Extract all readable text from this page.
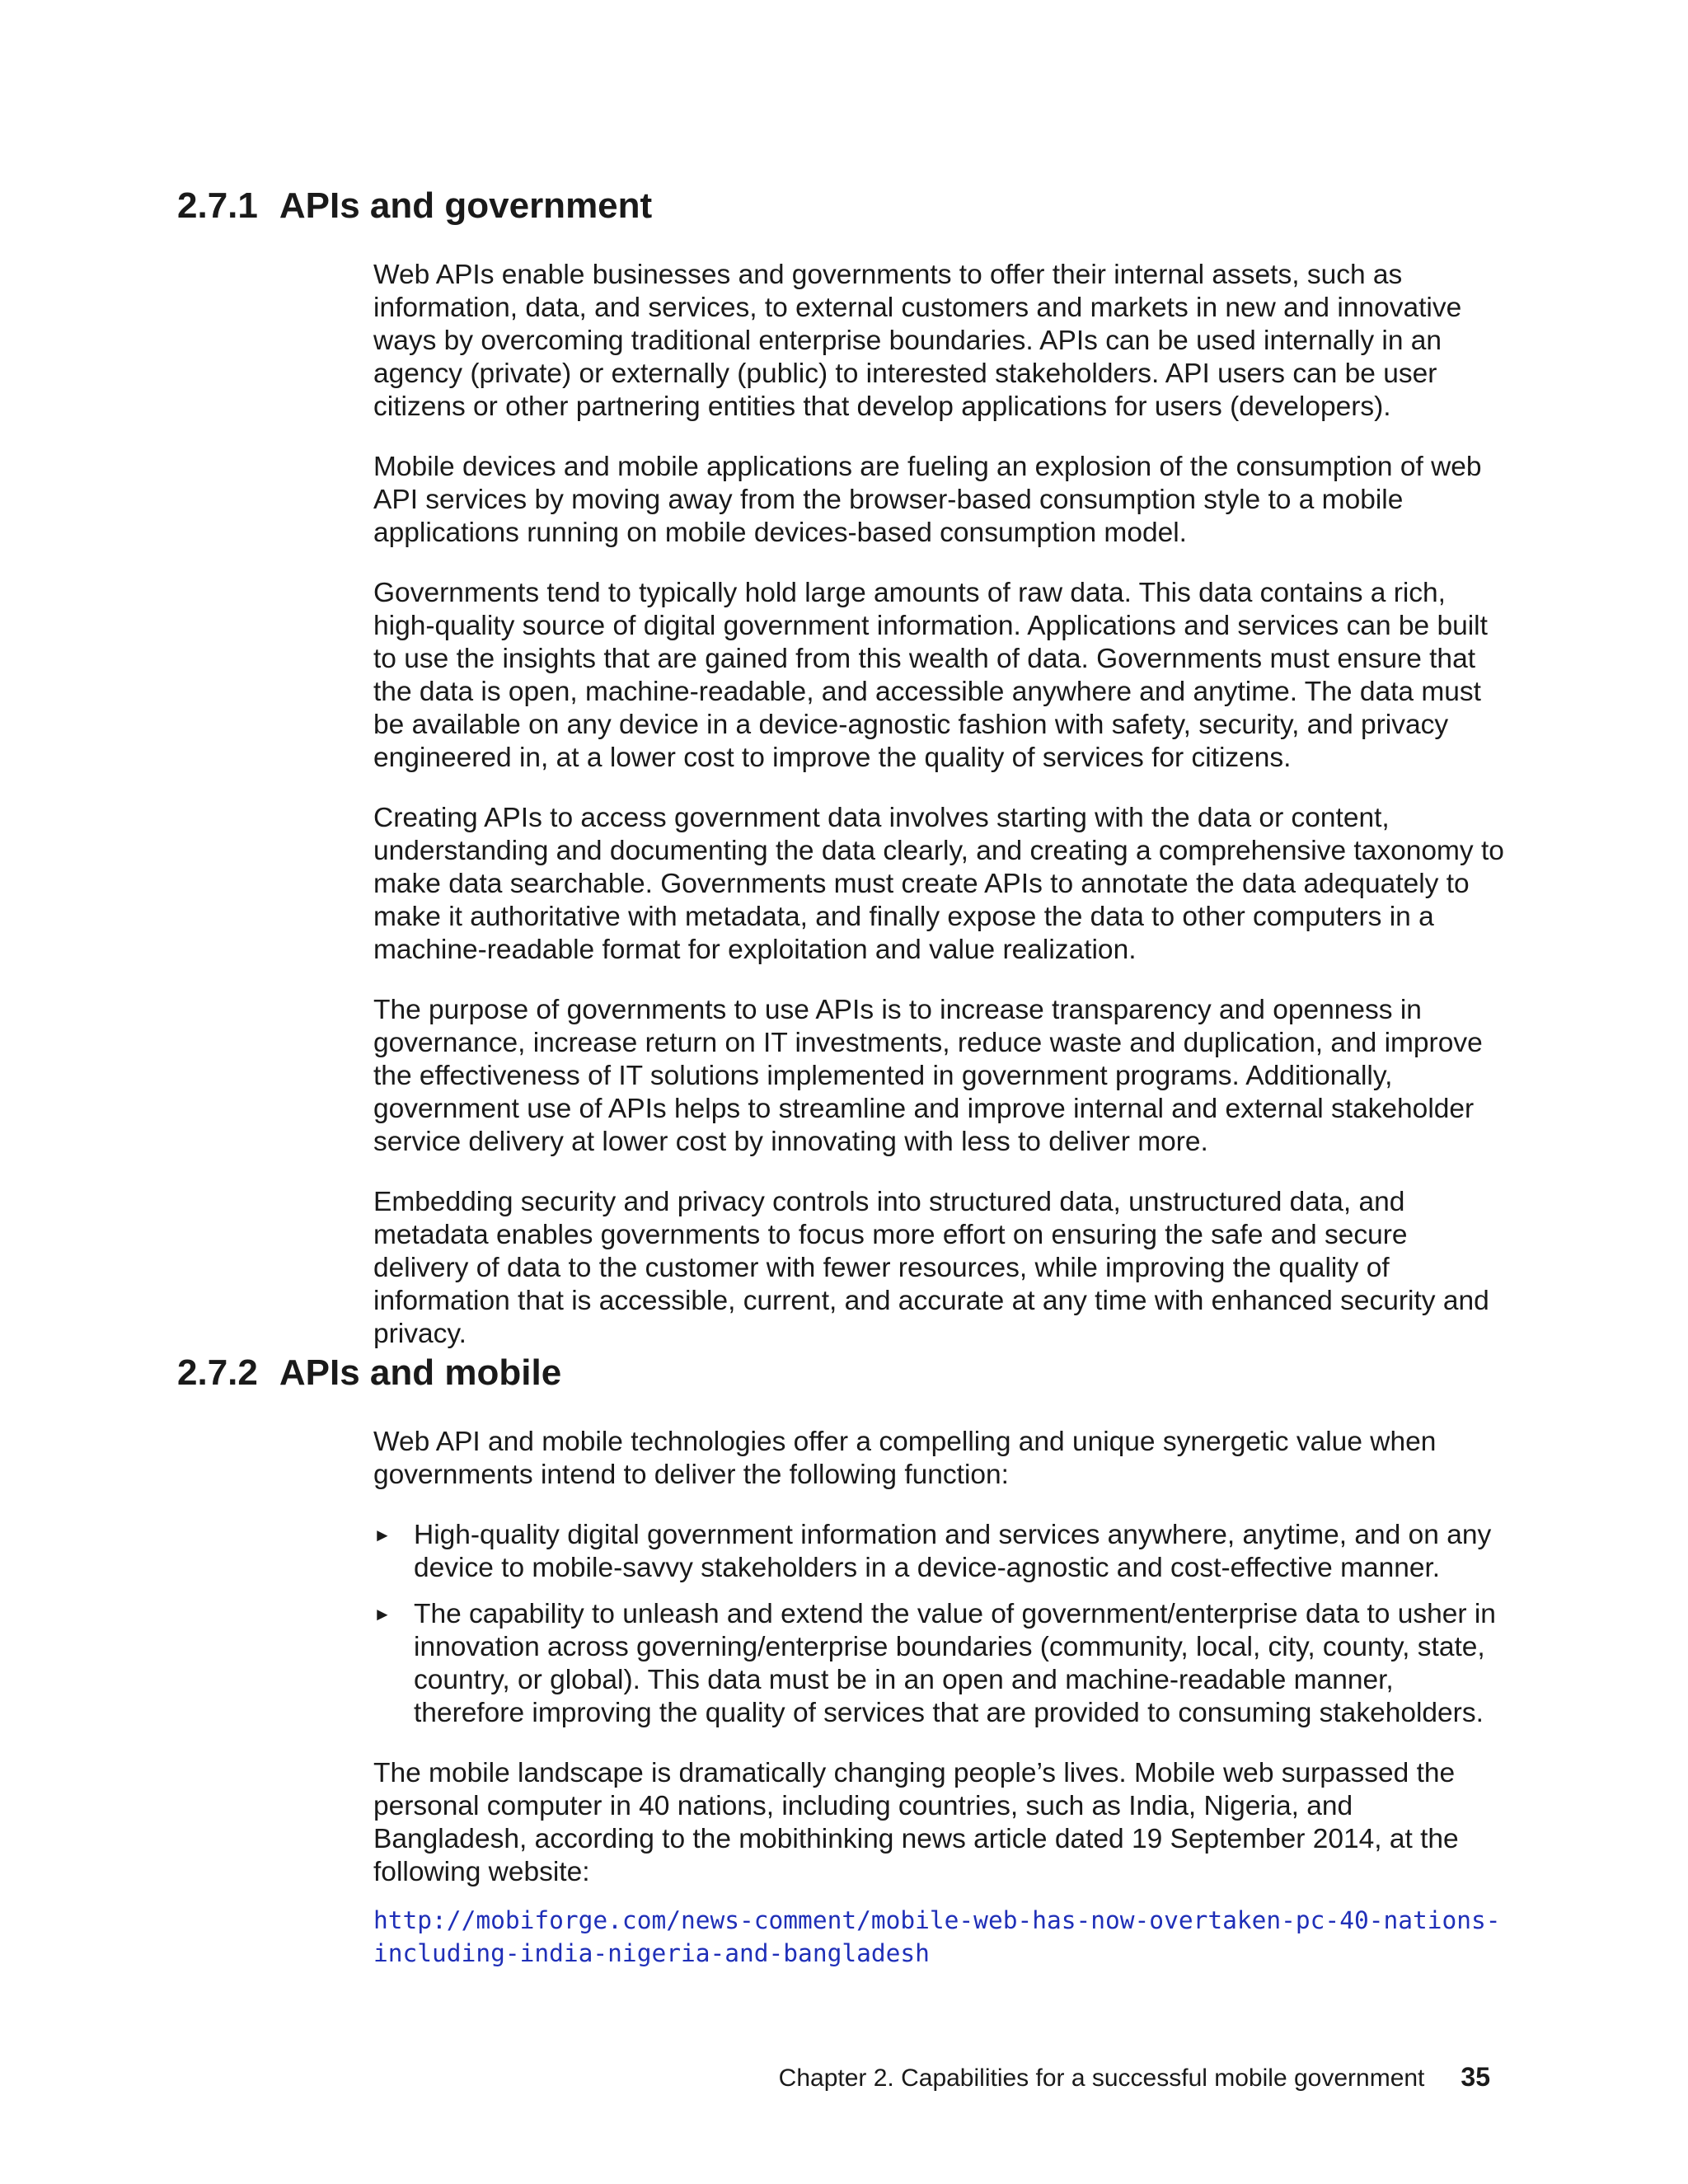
2.7.1 APIs and government

Web APIs enable businesses and governments to offer their internal assets, such as information, data, and services, to external customers and markets in new and innovative ways by overcoming traditional enterprise boundaries. APIs can be used internally in an agency (private) or externally (public) to interested stakeholders. API users can be user citizens or other partnering entities that develop applications for users (developers).

Mobile devices and mobile applications are fueling an explosion of the consumption of web API services by moving away from the browser-based consumption style to a mobile applications running on mobile devices-based consumption model.

Governments tend to typically hold large amounts of raw data. This data contains a rich, high-quality source of digital government information. Applications and services can be built to use the insights that are gained from this wealth of data. Governments must ensure that the data is open, machine-readable, and accessible anywhere and anytime. The data must be available on any device in a device-agnostic fashion with safety, security, and privacy engineered in, at a lower cost to improve the quality of services for citizens.

Creating APIs to access government data involves starting with the data or content, understanding and documenting the data clearly, and creating a comprehensive taxonomy to make data searchable. Governments must create APIs to annotate the data adequately to make it authoritative with metadata, and finally expose the data to other computers in a machine-readable format for exploitation and value realization.

The purpose of governments to use APIs is to increase transparency and openness in governance, increase return on IT investments, reduce waste and duplication, and improve the effectiveness of IT solutions implemented in government programs. Additionally, government use of APIs helps to streamline and improve internal and external stakeholder service delivery at lower cost by innovating with less to deliver more.

Embedding security and privacy controls into structured data, unstructured data, and metadata enables governments to focus more effort on ensuring the safe and secure delivery of data to the customer with fewer resources, while improving the quality of information that is accessible, current, and accurate at any time with enhanced security and privacy.

2.7.2 APIs and mobile

Web API and mobile technologies offer a compelling and unique synergetic value when governments intend to deliver the following function:

► High-quality digital government information and services anywhere, anytime, and on any device to mobile-savvy stakeholders in a device-agnostic and cost-effective manner.
► The capability to unleash and extend the value of government/enterprise data to usher in innovation across governing/enterprise boundaries (community, local, city, county, state, country, or global). This data must be in an open and machine-readable manner, therefore improving the quality of services that are provided to consuming stakeholders.

The mobile landscape is dramatically changing people’s lives. Mobile web surpassed the personal computer in 40 nations, including countries, such as India, Nigeria, and Bangladesh, according to the mobithinking news article dated 19 September 2014, at the following website:

http://mobiforge.com/news-comment/mobile-web-has-now-overtaken-pc-40-nations-including-india-nigeria-and-bangladesh

Chapter 2. Capabilities for a successful mobile government 35
